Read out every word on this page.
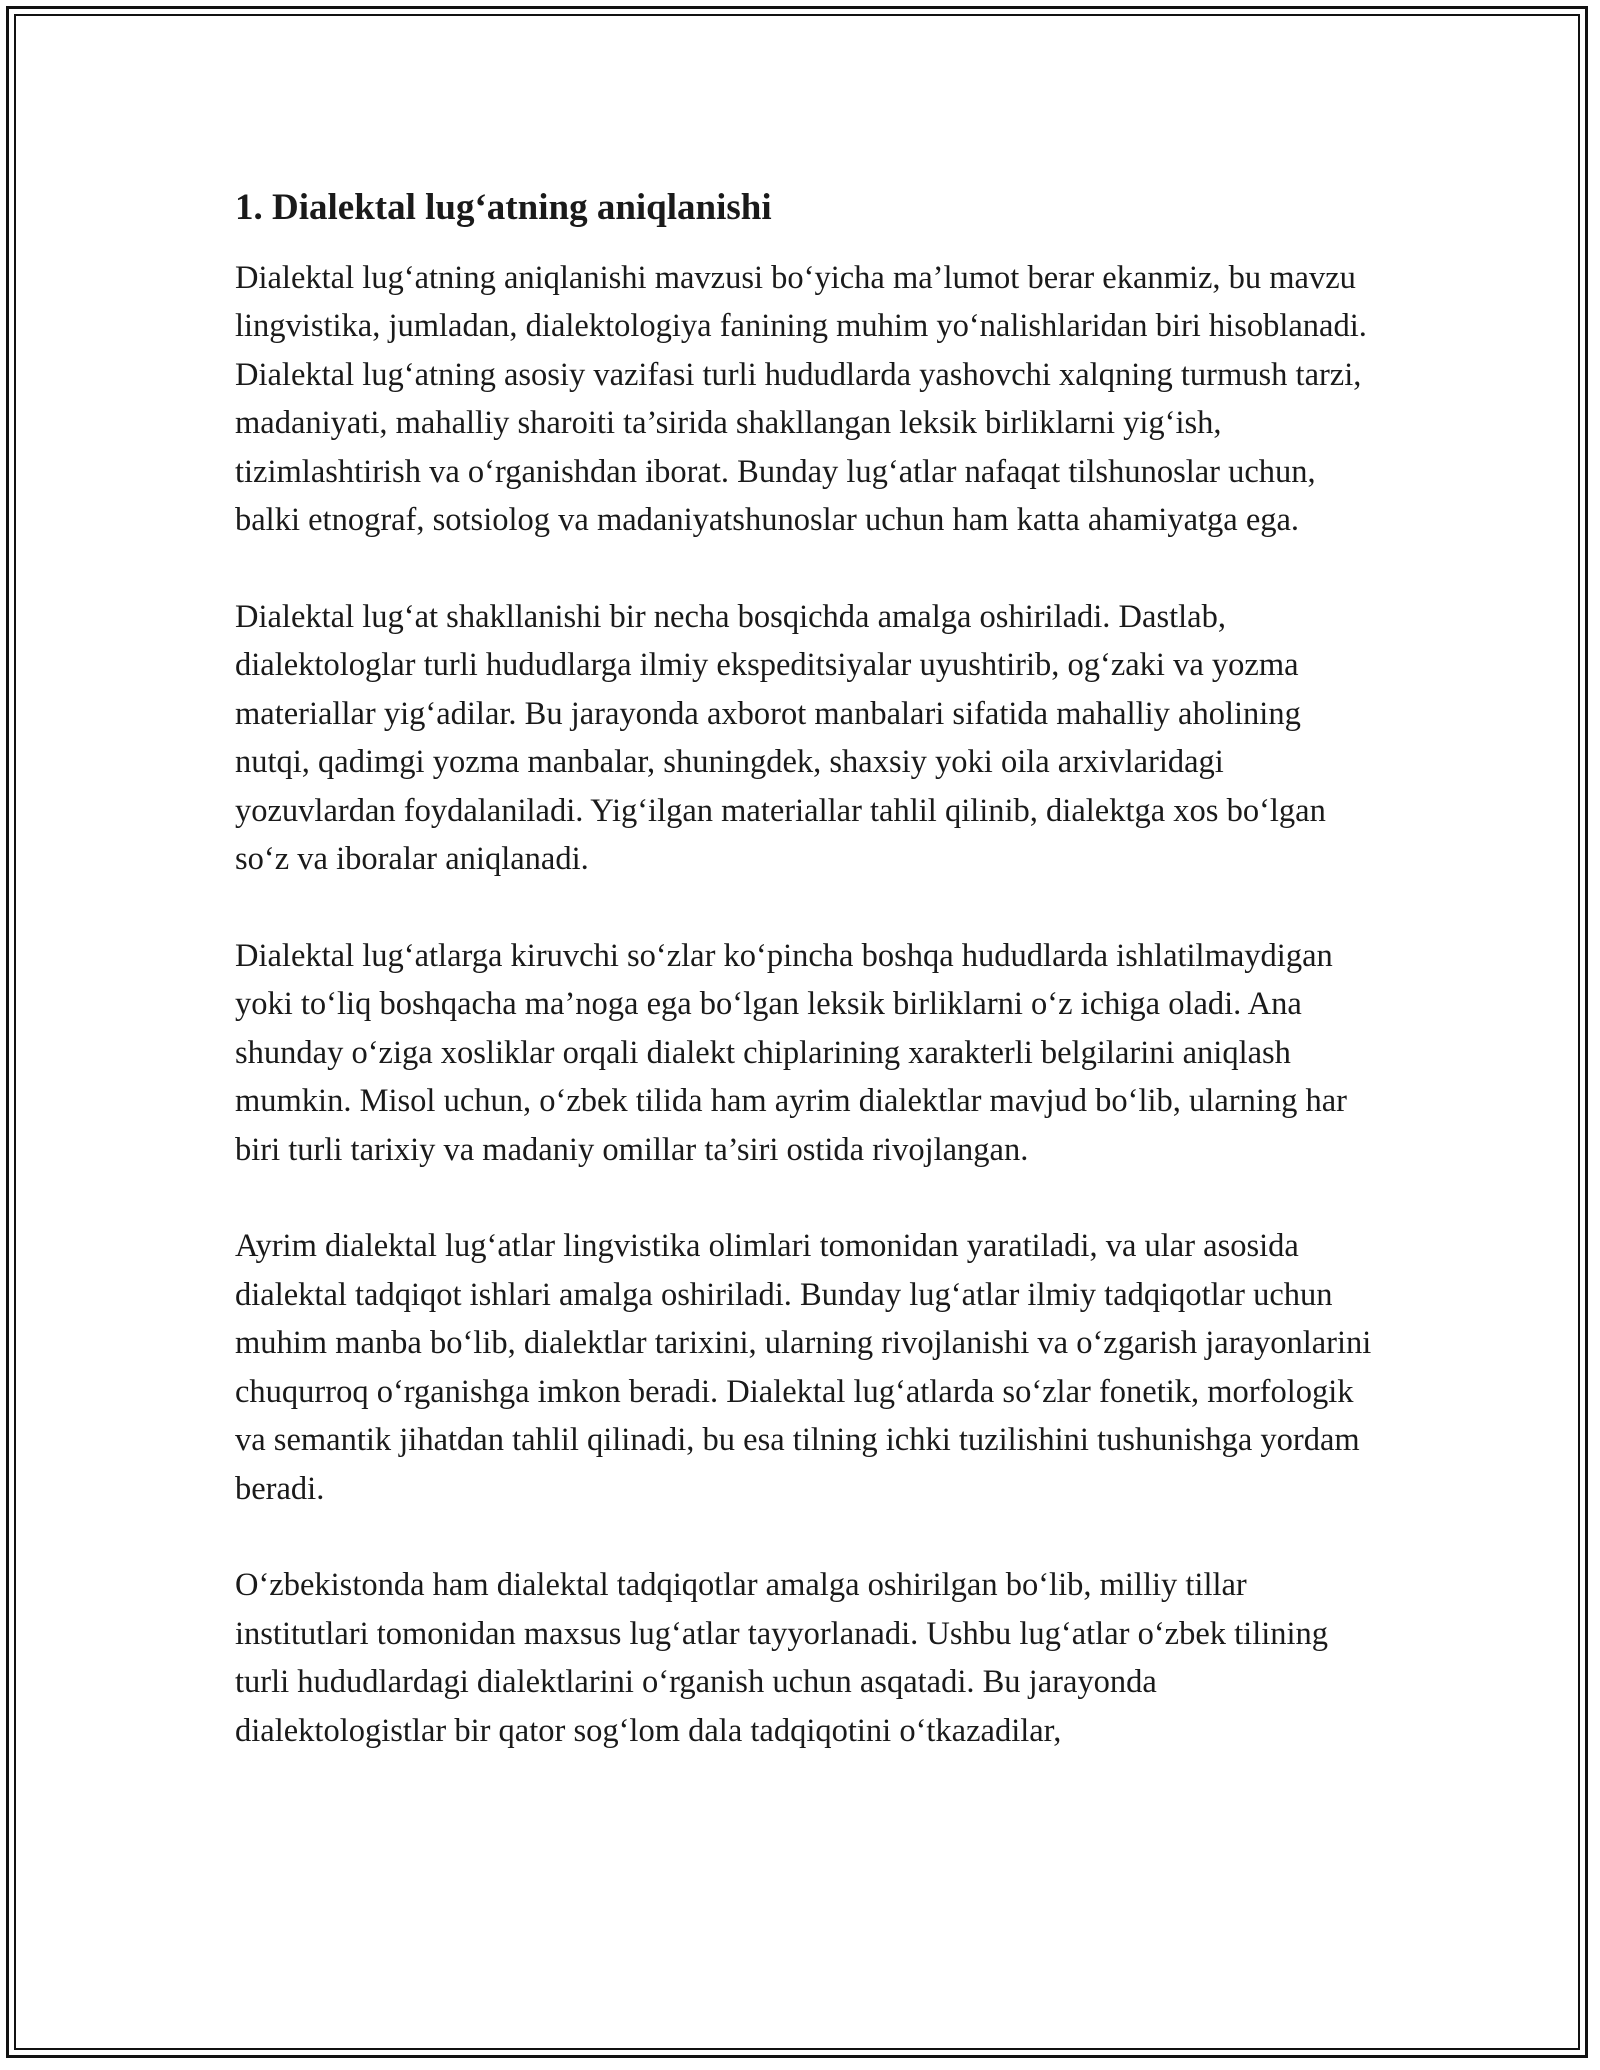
1. Dialektal lug‘atning aniqlanishi

Dialektal lug‘atning aniqlanishi mavzusi bo‘yicha ma’lumot berar ekanmiz, bu mavzu lingvistika, jumladan, dialektologiya fanining muhim yo‘nalishlaridan biri hisoblanadi. Dialektal lug‘atning asosiy vazifasi turli hududlarda yashovchi xalqning turmush tarzi, madaniyati, mahalliy sharoiti ta’sirida shakllangan leksik birliklarni yig‘ish, tizimlashtirish va o‘rganishdan iborat. Bunday lug‘atlar nafaqat tilshunoslar uchun, balki etnograf, sotsiolog va madaniyatshunoslar uchun ham katta ahamiyatga ega.

Dialektal lug‘at shakllanishi bir necha bosqichda amalga oshiriladi. Dastlab, dialektologlar turli hududlarga ilmiy ekspeditsiyalar uyushtirib, og‘zaki va yozma materiallar yig‘adilar. Bu jarayonda axborot manbalari sifatida mahalliy aholining nutqi, qadimgi yozma manbalar, shuningdek, shaxsiy yoki oila arxivlaridagi yozuvlardan foydalaniladi. Yig‘ilgan materiallar tahlil qilinib, dialektga xos bo‘lgan so‘z va iboralar aniqlanadi.

Dialektal lug‘atlarga kiruvchi so‘zlar ko‘pincha boshqa hududlarda ishlatilmaydigan yoki to‘liq boshqacha ma’noga ega bo‘lgan leksik birliklarni o‘z ichiga oladi. Ana shunday o‘ziga xosliklar orqali dialekt chiplarining xarakterli belgilarini aniqlash mumkin. Misol uchun, o‘zbek tilida ham ayrim dialektlar mavjud bo‘lib, ularning har biri turli tarixiy va madaniy omillar ta’siri ostida rivojlangan.

Ayrim dialektal lug‘atlar lingvistika olimlari tomonidan yaratiladi, va ular asosida dialektal tadqiqot ishlari amalga oshiriladi. Bunday lug‘atlar ilmiy tadqiqotlar uchun muhim manba bo‘lib, dialektlar tarixini, ularning rivojlanishi va o‘zgarish jarayonlarini chuqurroq o‘rganishga imkon beradi. Dialektal lug‘atlarda so‘zlar fonetik, morfologik va semantik jihatdan tahlil qilinadi, bu esa tilning ichki tuzilishini tushunishga yordam beradi.

O‘zbekistonda ham dialektal tadqiqotlar amalga oshirilgan bo‘lib, milliy tillar institutlari tomonidan maxsus lug‘atlar tayyorlanadi. Ushbu lug‘atlar o‘zbek tilining turli hududlardagi dialektlarini o‘rganish uchun asqatadi. Bu jarayonda dialektologistlar bir qator sog‘lom dala tadqiqotini o‘tkazadilar,
